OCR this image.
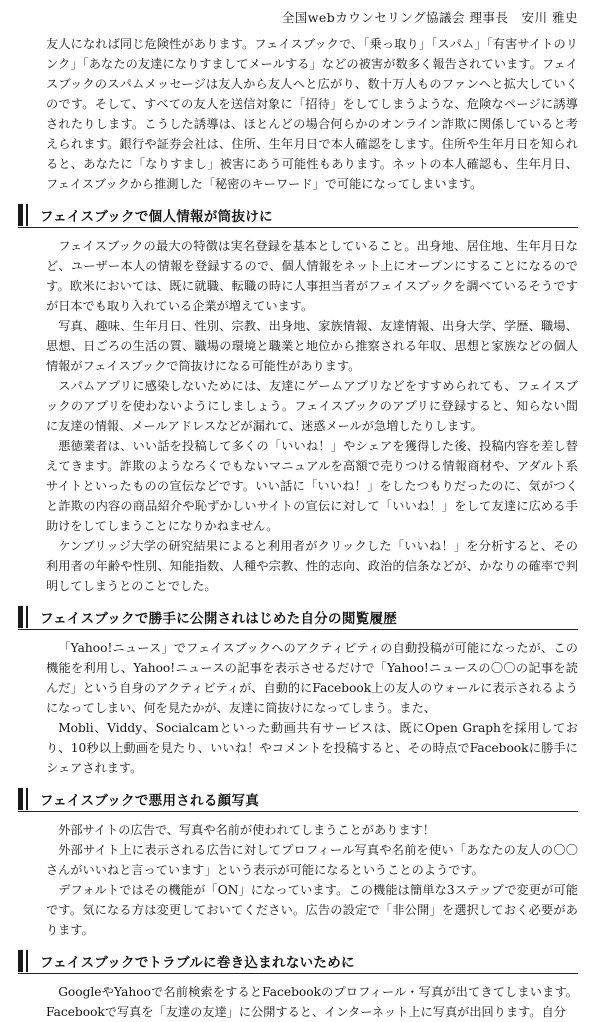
全国webカウンセリング協議会 理事長　安川 雅史

友人になれば同じ危険性があります。フェイスブックで、「乗っ取り」「スパム」「有害サイトのリンク」「あなたの友達になりすましてメールする」などの被害が数多く報告されています。フェイスブックのスパムメッセージは友人から友人へと広がり、数十万人ものファンへと拡大していくのです。そして、すべての友人を送信対象に「招待」をしてしまうような、危険なページに誘導されたりします。こうした誘導は、ほとんどの場合何らかのオンライン詐欺に関係していると考えられます。銀行や証券会社は、住所、生年月日で本人確認をします。住所や生年月日を知られると、あなたに「なりすまし」被害にあう可能性もあります。ネットの本人確認も、生年月日、フェイスブックから推測した「秘密のキーワード」で可能になってしまいます。

フェイスブックで個人情報が筒抜けに

フェイスブックの最大の特徴は実名登録を基本としていること。出身地、居住地、生年月日など、ユーザー本人の情報を登録するので、個人情報をネット上にオープンにすることになるのです。欧米においては、既に就職、転職の時に人事担当者がフェイスブックを調べているそうですが日本でも取り入れている企業が増えています。

写真、趣味、生年月日、性別、宗教、出身地、家族情報、友達情報、出身大学、学歴、職場、思想、日ごろの生活の質、職場の環境と職業と地位から推察される年収、思想と家族などの個人情報がフェイスブックで筒抜けになる可能性があります。

スパムアプリに感染しないためには、友達にゲームアプリなどをすすめられても、フェイスブックのアプリを使わないようにしましょう。フェイスブックのアプリに登録すると、知らない間に友達の情報、メールアドレスなどが漏れて、迷惑メールが急増したりします。

悪徳業者は、いい話を投稿して多くの「いいね！」やシェアを獲得した後、投稿内容を差し替えてきます。詐欺のようなろくでもないマニュアルを高額で売りつける情報商材や、アダルト系サイトといったものの宣伝などです。いい話に「いいね！」をしたつもりだったのに、気がつくと詐欺の内容の商品紹介や恥ずかしいサイトの宣伝に対して「いいね！」をして友達に広める手助けをしてしまうことになりかねません。

ケンブリッジ大学の研究結果によると利用者がクリックした「いいね！」を分析すると、その利用者の年齢や性別、知能指数、人種や宗教、性的志向、政治的信条などが、かなりの確率で判明してしまうとのことでした。

フェイスブックで勝手に公開されはじめた自分の閲覧履歴

「Yahoo!ニュース」でフェイスブックへのアクティビティの自動投稿が可能になったが、この機能を利用し、Yahoo!ニュースの記事を表示させるだけで「Yahoo!ニュースの〇〇の記事を読んだ」という自身のアクティビティが、自動的にFacebook上の友人のウォールに表示されるようになってしまい、何を見たかが、友達に筒抜けになってしまう。また、

Mobli、Viddy、Socialcamといった動画共有サービスは、既にOpen Graphを採用しており、10秒以上動画を見たり、いいね！やコメントを投稿すると、その時点でFacebookに勝手にシェアされます。

フェイスブックで悪用される顔写真

外部サイトの広告で、写真や名前が使われてしまうことがあります！

外部サイト上に表示される広告に対してプロフィール写真や名前を使い「あなたの友人の〇〇さんがいいねと言っています」という表示が可能になるということのようです。

デフォルトではその機能が「ON」になっています。この機能は簡単な3ステップで変更が可能です。気になる方は変更しておいてください。広告の設定で「非公開」を選択しておく必要があります。

フェイスブックでトラブルに巻き込まれないために

GoogleやYahooで名前検索をするとFacebookのプロフィール・写真が出てきてしまいます。Facebookで写真を「友達の友達」に公開すると、インターネット上に写真が出回ります。自分
